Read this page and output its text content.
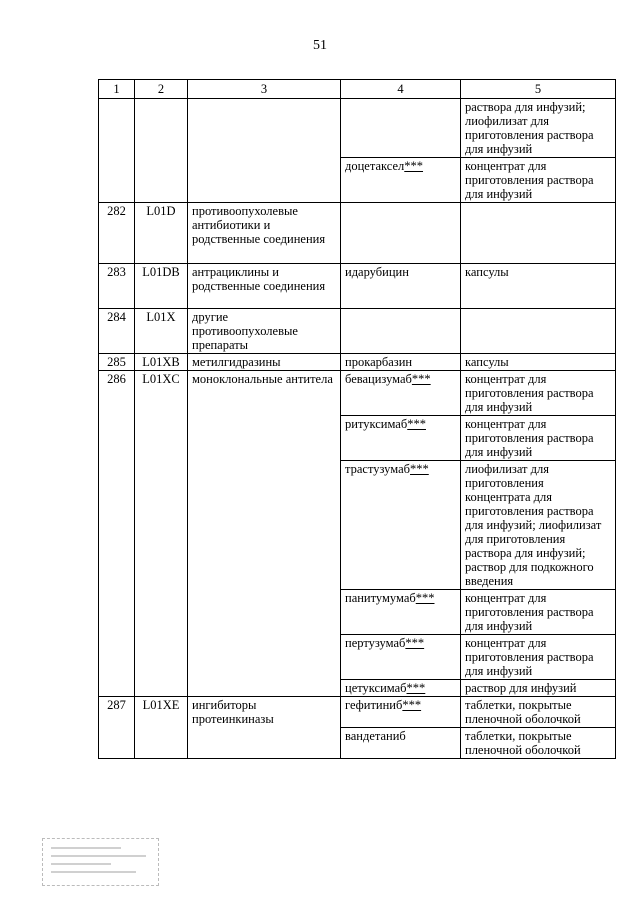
51
1	2	3	4	5
				раствора для инфузий; лиофилизат для приготовления раствора для инфузий
			доцетаксел***	концентрат для приготовления раствора для инфузий
282	L01D	противоопухолевые антибиотики и родственные соединения		
283	L01DB	антрациклины и родственные соединения	идарубицин	капсулы
284	L01X	другие противоопухолевые препараты		
285	L01XB	метилгидразины	прокарбазин	капсулы
286	L01XC	моноклональные антитела	бевацизумаб***	концентрат для приготовления раствора для инфузий
			ритуксимаб***	концентрат для приготовления раствора для инфузий
			трастузумаб***	лиофилизат для приготовления концентрата для приготовления раствора для инфузий; лиофилизат для приготовления раствора для инфузий; раствор для подкожного введения
			панитумумаб***	концентрат для приготовления раствора для инфузий
			пертузумаб***	концентрат для приготовления раствора для инфузий
			цетуксимаб***	раствор для инфузий
287	L01XE	ингибиторы протеинкиназы	гефитиниб***	таблетки, покрытые пленочной оболочкой
			вандетаниб	таблетки, покрытые пленочной оболочкой
